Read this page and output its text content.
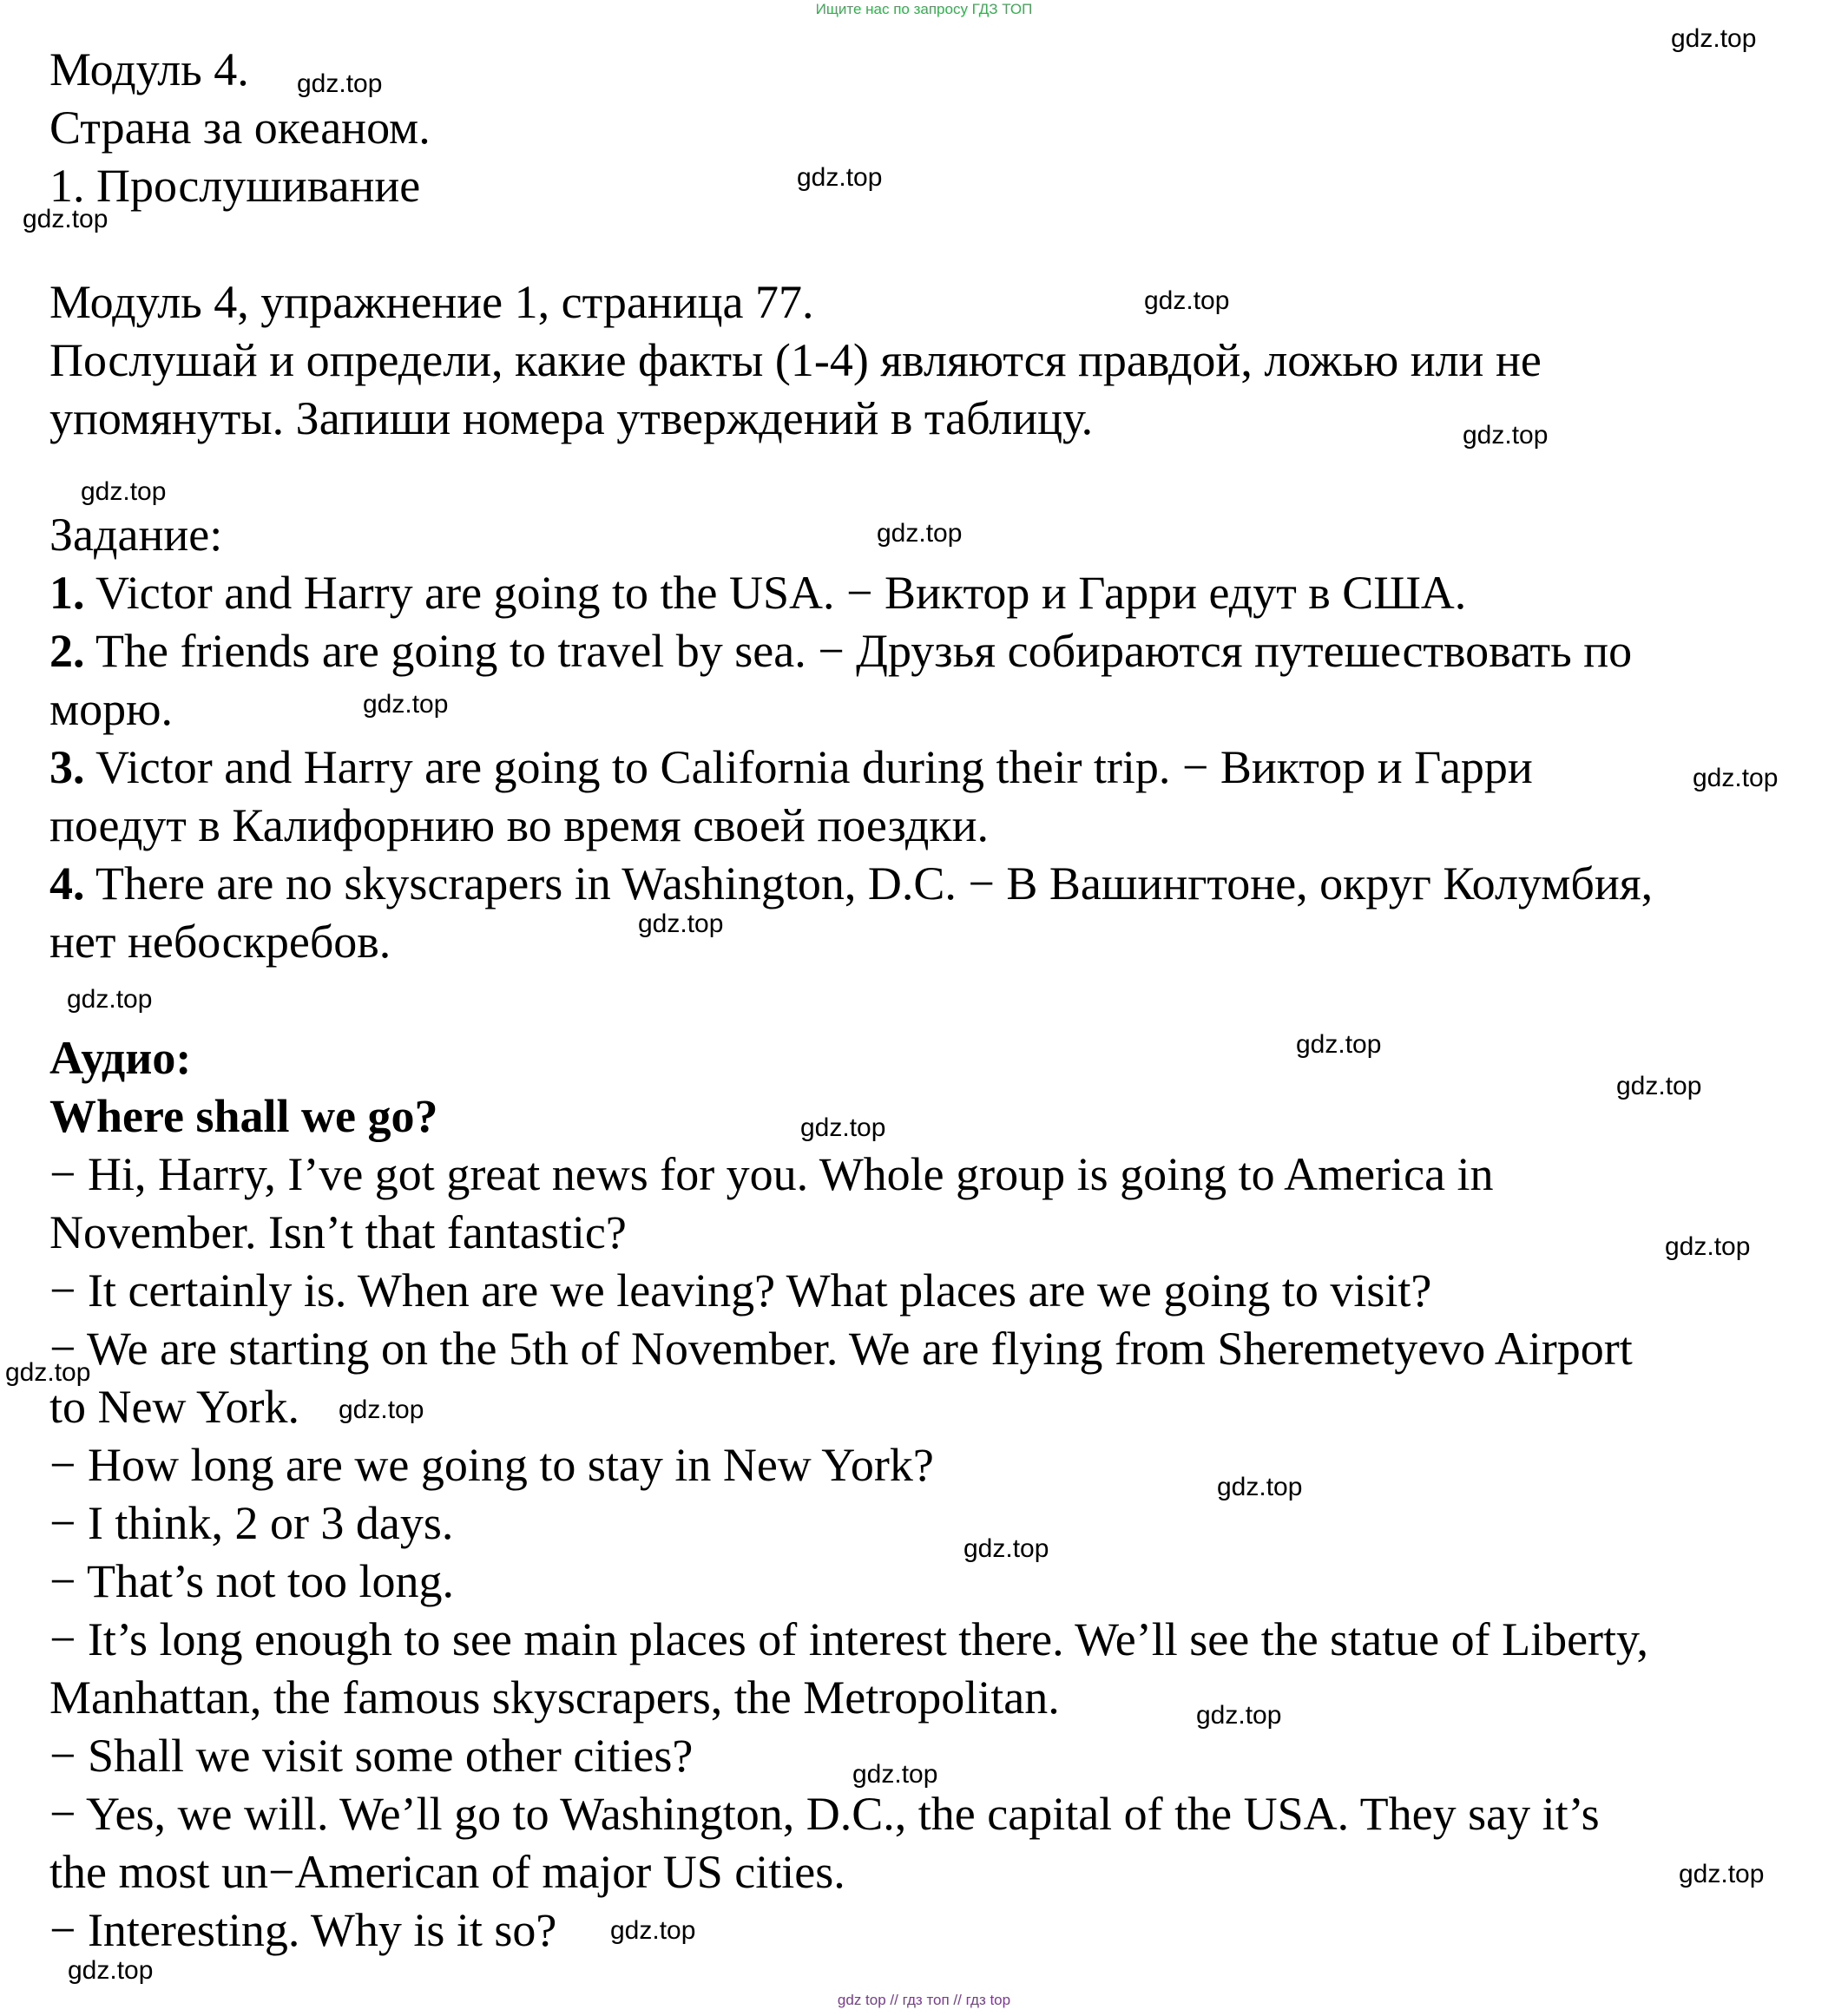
Ищите нас по запросу ГДЗ ТОП
Модуль 4.
Страна за океаном.
1. Прослушивание
Модуль 4, упражнение 1, страница 77.
Послушай и определи, какие факты (1-4) являются правдой, ложью или не
упомянуты. Запиши номера утверждений в таблицу.
Задание:
1. Victor and Harry are going to the USA. − Виктор и Гарри едут в США.
2. The friends are going to travel by sea. − Друзья собираются путешествовать по
морю.
3. Victor and Harry are going to California during their trip. − Виктор и Гарри
поедут в Калифорнию во время своей поездки.
4. There are no skyscrapers in Washington, D.C. − В Вашингтоне, округ Колумбия,
нет небоскребов.
Аудио:
Where shall we go?
− Hi, Harry, I’ve got great news for you. Whole group is going to America in
November. Isn’t that fantastic?
− It certainly is. When are we leaving? What places are we going to visit?
− We are starting on the 5th of November. We are flying from Sheremetyevo Airport
to New York.
− How long are we going to stay in New York?
− I think, 2 or 3 days.
− That’s not too long.
− It’s long enough to see main places of interest there. We’ll see the statue of Liberty,
Manhattan, the famous skyscrapers, the Metropolitan.
− Shall we visit some other cities?
− Yes, we will. We’ll go to Washington, D.C., the capital of the USA. They say it’s
the most un−American of major US cities.
− Interesting. Why is it so?
gdz.top
gdz.top
gdz.top
gdz.top
gdz.top
gdz.top
gdz.top
gdz.top
gdz.top
gdz.top
gdz.top
gdz.top
gdz.top
gdz.top
gdz.top
gdz.top
gdz.top
gdz.top
gdz.top
gdz.top
gdz.top
gdz.top
gdz.top
gdz.top
gdz.top
gdz top // гдз топ // гдз top
